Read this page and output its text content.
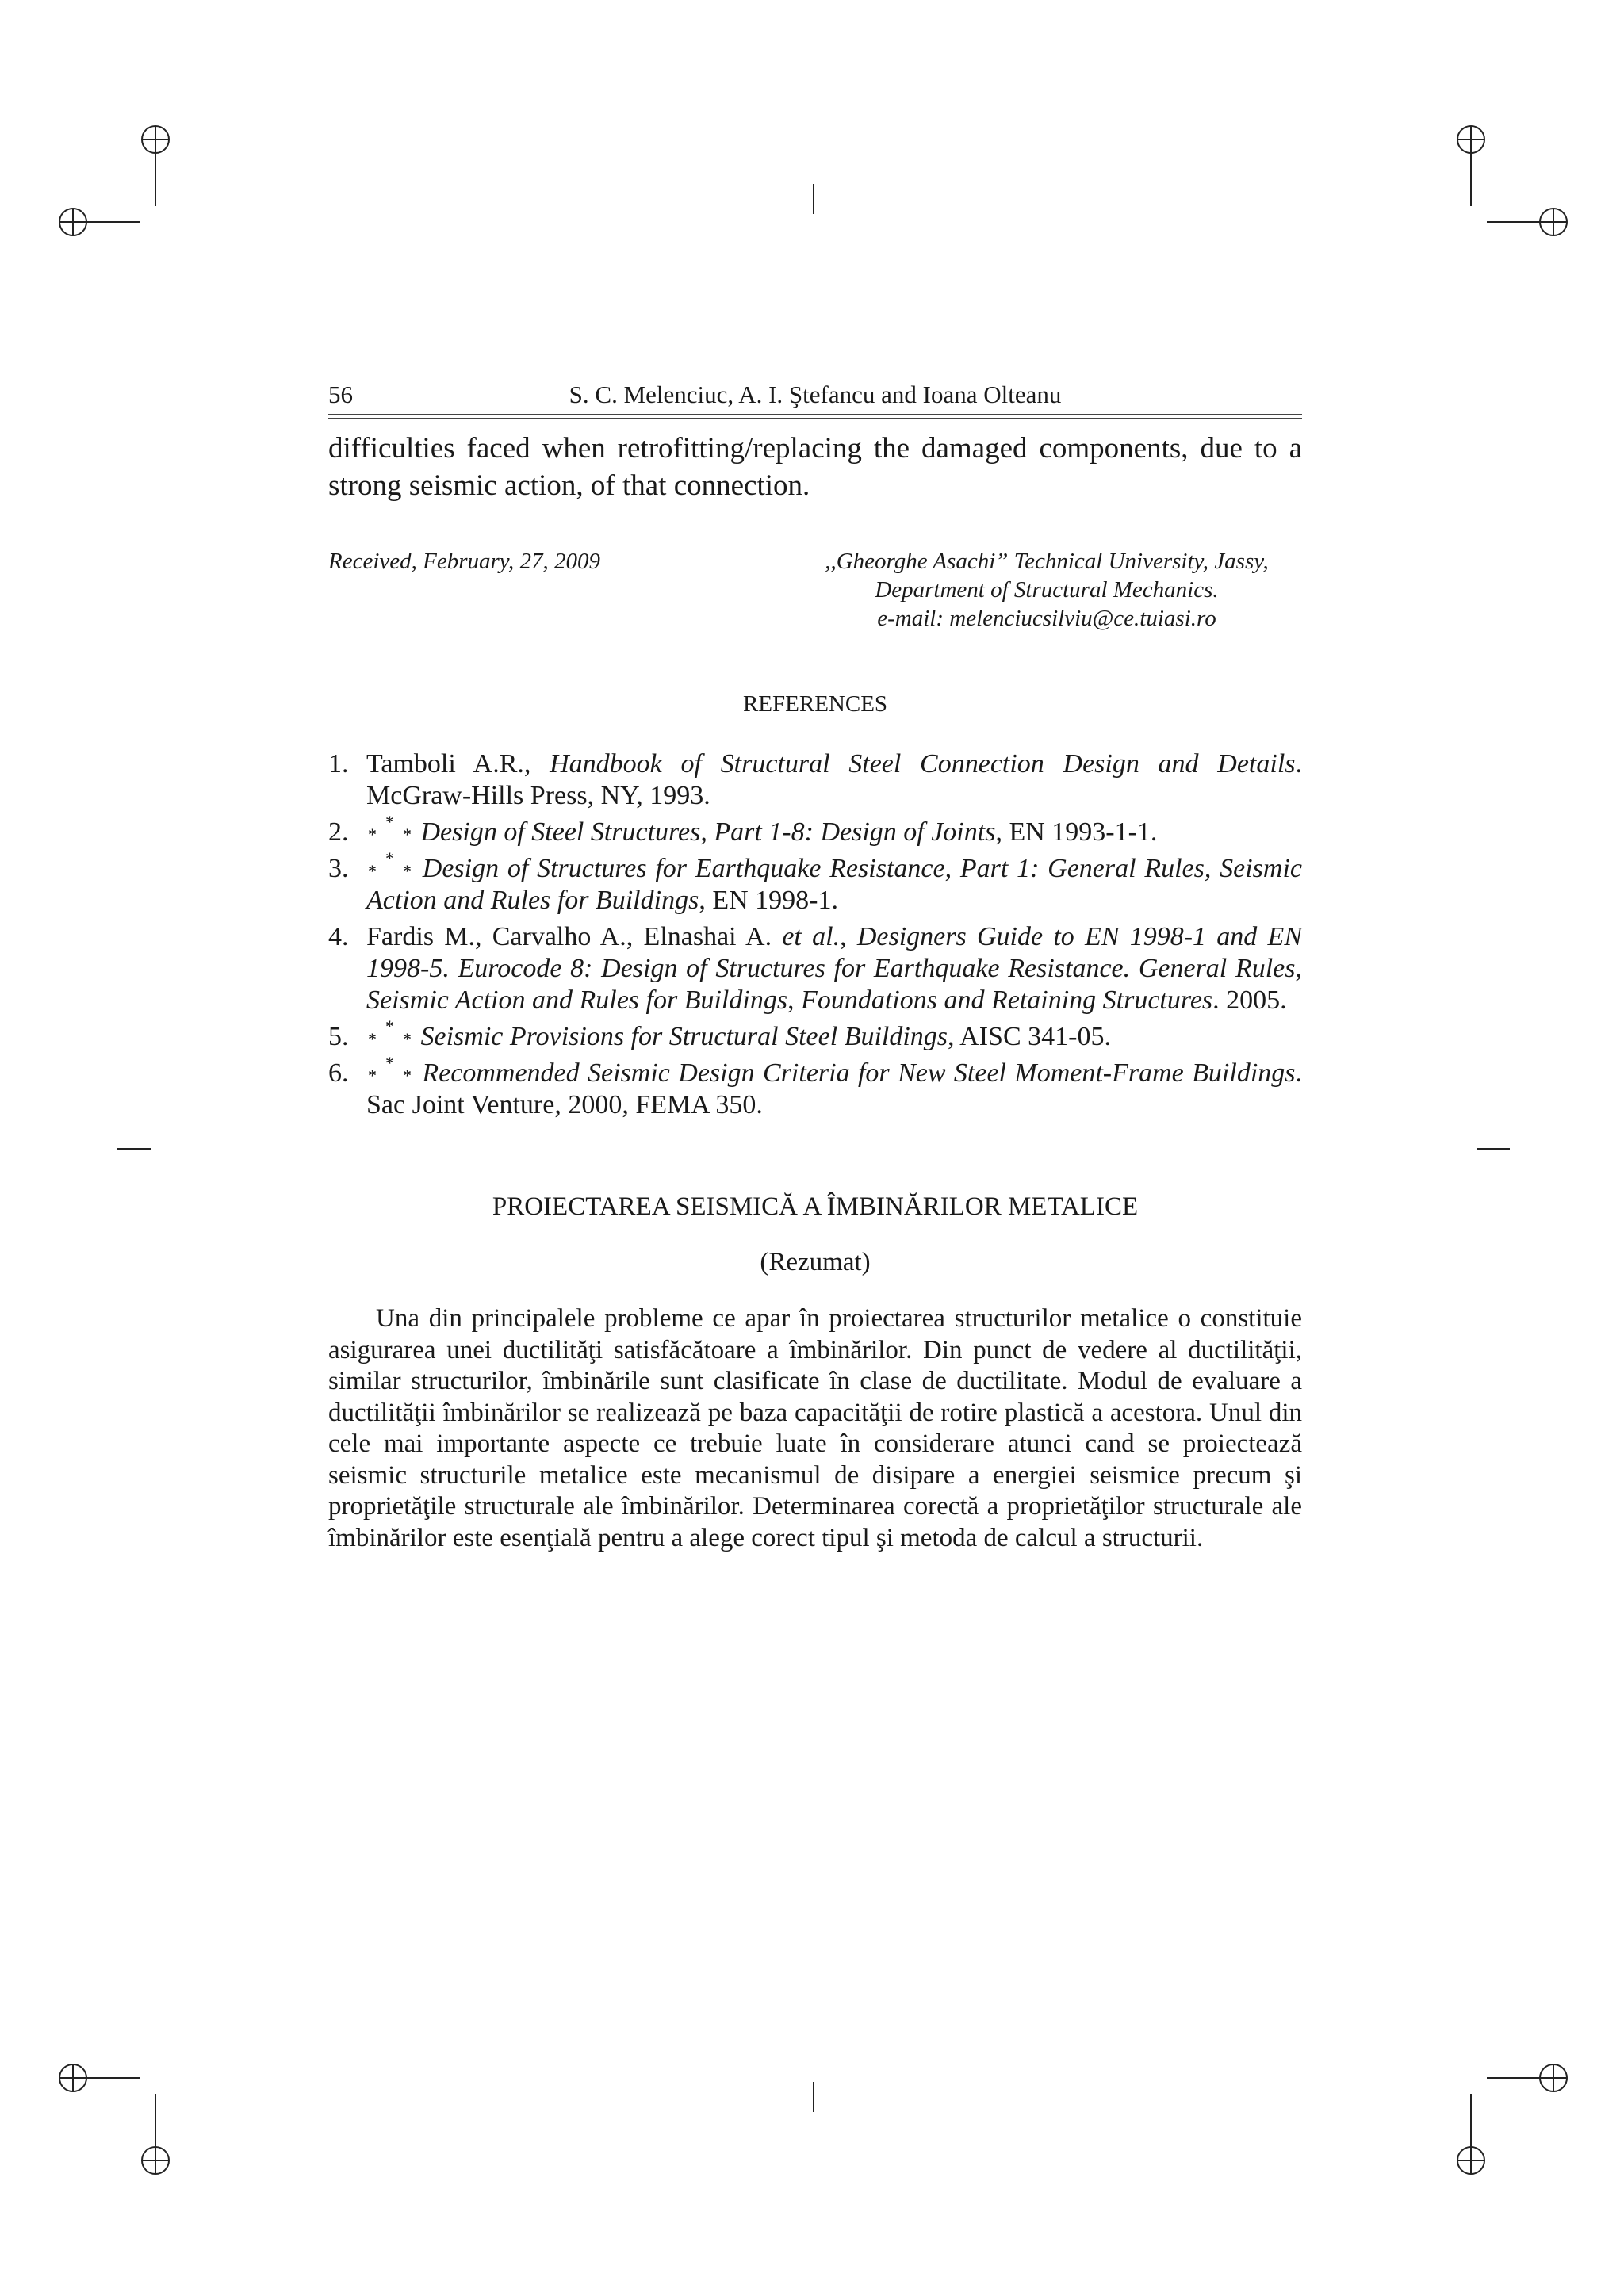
56	S. C. Melenciuc, A. I. Ştefancu and Ioana Olteanu

difficulties faced when retrofitting/replacing the damaged components, due to a strong seismic action, of that connection.

Received, February, 27, 2009	,,Gheorghe Asachi” Technical University, Jassy,
Department of Structural Mechanics.
e-mail: melenciucsilviu@ce.tuiasi.ro
REFERENCES
1. Tamboli A.R., Handbook of Structural Steel Connection Design and Details. McGraw-Hills Press, NY, 1993.
2. *
*
* Design of Steel Structures, Part 1-8: Design of Joints, EN 1993-1-1.
3. *
*
* Design of Structures for Earthquake Resistance, Part 1: General Rules, Seismic Action and Rules for Buildings, EN 1998-1.
4. Fardis M., Carvalho A., Elnashai A. et al., Designers Guide to EN 1998-1 and EN 1998-5. Eurocode 8: Design of Structures for Earthquake Resistance. General Rules, Seismic Action and Rules for Buildings, Foundations and Retaining Structures. 2005.
5. *
*
* Seismic Provisions for Structural Steel Buildings, AISC 341-05.
6. *
*
* Recommended Seismic Design Criteria for New Steel Moment-Frame Buildings. Sac Joint Venture, 2000, FEMA 350.
PROIECTAREA SEISMICĂ A ÎMBINĂRILOR METALICE
(Rezumat)

Una din principalele probleme ce apar în proiectarea structurilor metalice o constituie asigurarea unei ductilităţi satisfăcătoare a îmbinărilor. Din punct de vedere al ductilităţii, similar structurilor, îmbinările sunt clasificate în clase de ductilitate. Modul de evaluare a ductilităţii îmbinărilor se realizează pe baza capacităţii de rotire plastică a acestora. Unul din cele mai importante aspecte ce trebuie luate în considerare atunci cand se proiectează seismic structurile metalice este mecanismul de disipare a energiei seismice precum şi proprietăţile structurale ale îmbinărilor. Determinarea corectă a proprietăţilor structurale ale îmbinărilor este esenţială pentru a alege corect tipul şi metoda de calcul a structurii.
